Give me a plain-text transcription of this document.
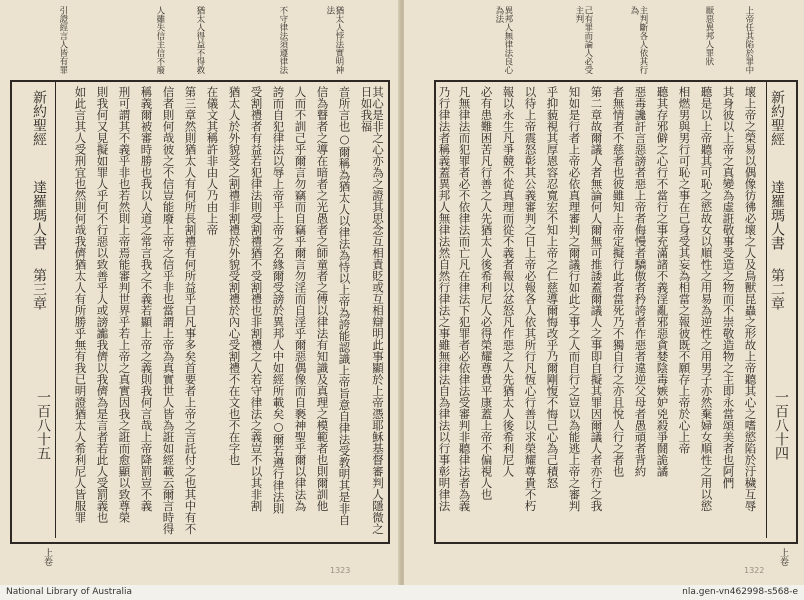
猶太人悖法實明神法
不守律法須遵律法
猶太人得益不得救
人雖失信主信不廢
引證經言人皆有罪
新約聖經達羅瑪人書第三章
一百八十五
上卷
其心是非之心亦為之證其思念互相責貶或互相辯明此事顯於上帝憑耶穌基督審判人隱微之日如我福
音所言也○爾稱為猶太人以律法為恃以上帝為誇能認識上帝旨意自律法受教明其是非自
信為瞽者之導在暗者之光愚者之師童者之傅以律法有知識及真理之模範者也則爾訓他
人而不訓己乎爾言勿竊而自竊乎爾言勿淫而自淫乎爾惡偶像而自褻神聖乎爾以律法為
誇而自犯律法以辱上帝乎上帝之名緣爾受謗於異邦人中如經所載矣○爾若遵行律法則
受割禮者有益若犯律法則受割禮猶不受割禮也非割禮之人若守律法之義豈不以其非割
猶太人於外貌受之割禮非割禮於外貌受割禮於內心受割禮不在文也不在字也
在儀文其稱許非由人乃由上帝
第三章然則猶太人有何所長割禮有何所益乎曰凡事多矣首要者上帝之言託付之也其中有不
信者則何哉彼之不信豈能廢上帝之信乎非也當謂上帝為真實世人皆為誑如經載云爾言時得
稱義爾被審時勝也我以人道之常言我之不義若顯上帝之義則我何言哉上帝降罰豈不義
刑可謂其不義乎非也若然則上帝焉能審判世界乎若上帝之真實因我之誑而愈顯以致尊榮
則我何又見擬如罪人乎何不行惡以致善乎人或謗讟我儕以我儕為是言者若此人受罰義也
如此言其人受刑宜也然則何哉我儕猶太人有所勝乎無有我已明證猶太人希利尼人皆服罪
1323
上帝任其陷於罪中
厭惡異邦人罪狀
主判斷各人依其行為
己有罪而論人必受主判
異邦人無律法良心為法
新約聖經達羅瑪人書第二章
一百八十四
上卷
壞上帝之榮易以偶像彷彿必壞之人及鳥獸昆蟲之形故上帝聽其心之嗜慾陷於汙穢互辱
其身彼以上帝之真變為虛誑敬事受造之物而不崇敬造物之主即永當頌美者也阿們
聽是以上帝聽其可恥之慾故女以順性之用易為逆性之用男子亦然棄婦女順性之用以慾
相燃男與男行可恥之事在己身受其妄為相當之報彼既不願存上帝於心上帝
聽其存邪僻之心行不當行之事充滿諸不義淫亂邪惡貪婪陰毒嫉妒兇殺爭鬪詭譎
惡毒讒訐言惡謗者惡上帝者侮慢者驕傲者矜誇者作惡者違逆父母者愚頑者背約
者無情者不慈者也彼雖知上帝定擬行此者當死乃不獨自行之亦且悅人行之者也
第二章故爾議人者無論何人爾無可推諉蓋爾議人之事即自擬其罪因爾議人者亦行之我
知如是行者上帝必依真理審判之爾議行如此之事之人而自行之豈以為能逃上帝之審判
乎抑藐視其厚恩容忍寬宏不知上帝之仁慈導爾悔改乎乃爾剛愎不悔己心為己積怒
以待上帝震怒彰其公義審判之日上帝必報各人依其所行凡恆心行善以求榮耀尊貴不朽
報以永生凡爭競不從真理而從不義者報以忿怒凡作惡之人先猶太人後希利尼人
必有患難困苦凡行善之人先猶太人後希利尼人必得榮耀尊貴平康蓋上帝不偏視人也
凡無律法而犯罪者必不依律法而亡凡在律法下犯罪者必依律法受審判非聽律法者為義
乃行律法者稱義蓋異邦人無律法然自然行律法之事雖無律法自為律法以行事彰明律法
1322
National Library of Australia	nla.gen-vn462998-s568-e
